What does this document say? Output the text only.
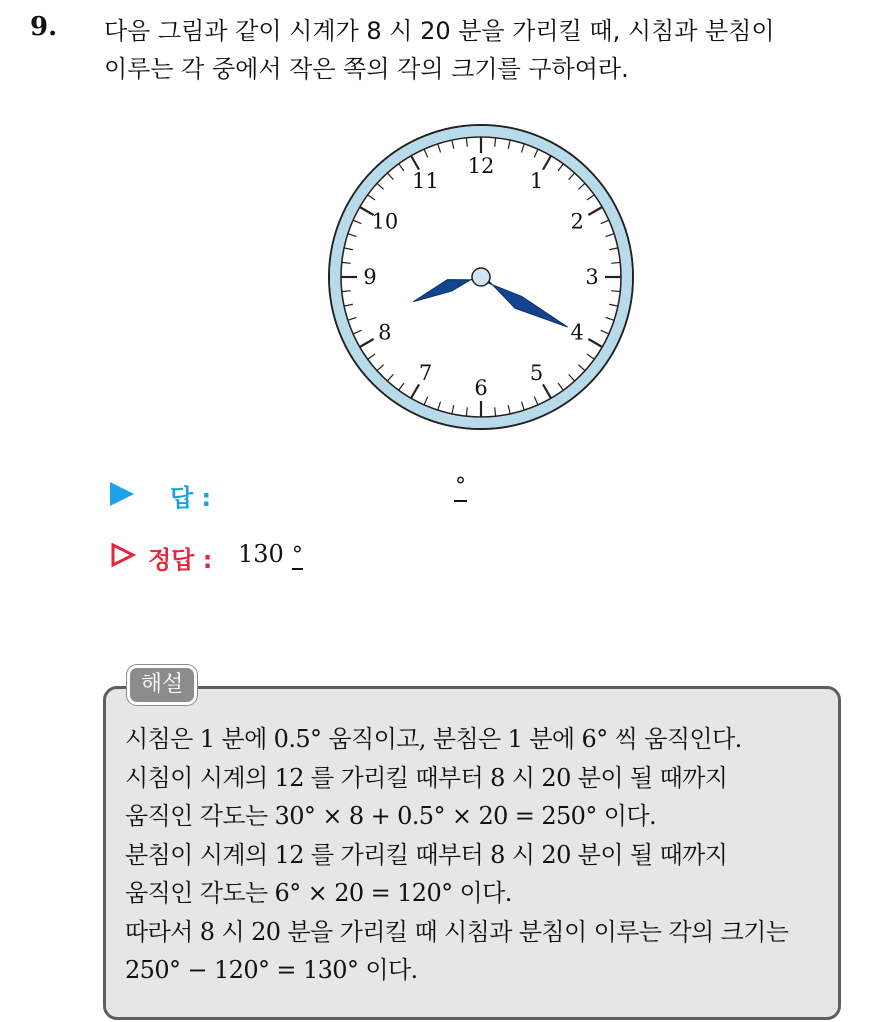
9. 다음 그림과 같이 시계가 8 시 20 분을 가리킬 때, 시침과 분침이
이루는 각 중에서 작은 쪽의 각의 크기를 구하여라.
12
1
2
3
4
5
6
7
8
9
10
11
답 :	°
정답 : 130 °
해설
시침은 1 분에 0.5° 움직이고, 분침은 1 분에 6° 씩 움직인다.
시침이 시계의 12 를 가리킬 때부터 8 시 20 분이 될 때까지
움직인 각도는 30° × 8 + 0.5° × 20 = 250° 이다.
분침이 시계의 12 를 가리킬 때부터 8 시 20 분이 될 때까지
움직인 각도는 6° × 20 = 120° 이다.
따라서 8 시 20 분을 가리킬 때 시침과 분침이 이루는 각의 크기는
250° − 120° = 130° 이다.
